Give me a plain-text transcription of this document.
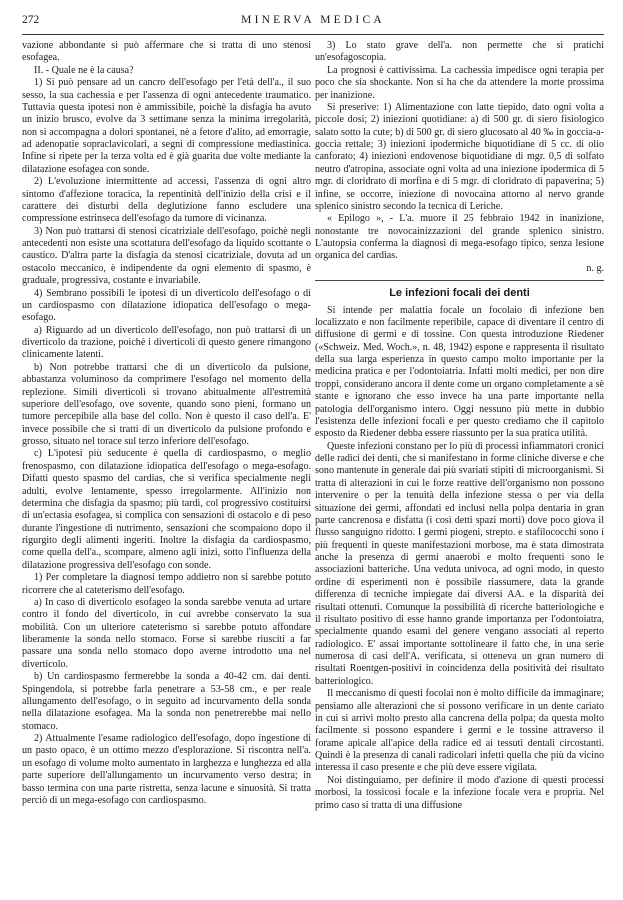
272	MINERVA MEDICA

vazione abbondante si può affermare che si tratta di uno stenosi esofagea.

II. - Quale ne è la causa?

1) Si può pensare ad un cancro dell'esofago per l'età dell'a., il suo sesso, la sua cachessia e per l'assenza di ogni antecedente traumatico. Tuttavia questa ipotesi non è ammissibile, poichè la disfagia ha avuto un inizio brusco, evolve da 3 settimane senza la minima irregolarità, non si accompagna a dolori spontanei, nè a fetore d'alito, ad emorragie, ad adenopatie sopraclavicolari, a segni di compressione mediastinica. Infine si ripete per la terza volta ed è già guarita due volte mediante la dilatazione esofagea con sonde.

2) L'evoluzione intermittente ad accessi, l'assenza di ogni altro sintomo d'affezione toracica, la repentinità dell'inizio della crisi e il carattere dei disturbi della deglutizione fanno escludere una compressione estrinseca dell'esofago da tumore di vicinanza.

3) Non può trattarsi di stenosi cicatriziale dell'esofago, poichè negli antecedenti non esiste una scottatura dell'esofago da liquido scottante o caustico. D'altra parte la disfagia da stenosi cicatriziale, dovuta ad un ostacolo meccanico, è indipendente da ogni elemento di spasmo, è graduale, progressiva, costante e invariabile.

4) Sembrano possibili le ipotesi di un diverticolo dell'esofago o di un cardiospasmo con dilatazione idiopatica dell'esofago o mega-esofago.

a) Riguardo ad un diverticolo dell'esofago, non può trattarsi di un diverticolo da trazione, poichè i diverticoli di questo genere rimangono clinicamente latenti.

b) Non potrebbe trattarsi che di un diverticolo da pulsione, abbastanza voluminoso da comprimere l'esofago nel momento della replezione. Simili diverticoli si trovano abitualmente all'estremità superiore dell'esofago, ove sovente, quando sono pieni, formano un tumore percepibile alla base del collo. Non è questo il caso dell'a. E' invece possibile che si tratti di un diverticolo da pulsione profondo e grosso, situato nel torace sul terzo inferiore dell'esofago.

c) L'ipotesi più seducente è quella di cardiospasmo, o meglio frenospasmo, con dilatazione idiopatica dell'esofago o mega-esofago. Difatti questo spasmo del cardias, che si verifica specialmente negli adulti, evolve lentamente, spesso irregolarmente. All'inizio non determina che disfagia da spasmo; più tardi, col progressivo costituirsi di un'ectasia esofagea, si complica con sensazioni di ostacolo e di peso durante l'ingestione di nutrimento, sensazioni che scompaiono dopo il rigurgito degli alimenti ingeriti. Inoltre la disfagia da cardiospasmo, come quella dell'a., scompare, almeno agli inizi, sotto l'influenza della dilatazione progressiva dell'esofago con sonde.

1) Per completare la diagnosi tempo addietro non si sarebbe potuto ricorrere che al cateterismo dell'esofago.

a) In caso di diverticolo esofageo la sonda sarebbe venuta ad urtare contro il fondo del diverticolo, in cui avrebbe conservato la sua mobilità. Con un ulteriore cateterismo si sarebbe potuto affondare liberamente la sonda nello stomaco. Forse si sarebbe riusciti a far passare una sonda nello stomaco dopo averne introdotto una nel diverticolo.

b) Un cardiospasmo fermerebbe la sonda a 40-42 cm. dai denti. Spingendola, si potrebbe farla penetrare a 53-58 cm., e per reale allungamento dell'esofago, o in seguito ad incurvamento della sonda nella dilatazione esofagea. Ma la sonda non penetrerebbe mai nello stomaco.

2) Attualmente l'esame radiologico dell'esofago, dopo ingestione di un pasto opaco, è un ottimo mezzo d'esplorazione. Si riscontra nell'a. un esofago di volume molto aumentato in larghezza e lunghezza ed alla parte superiore dell'allungamento un incurvamento verso destra; in basso termina con una parte ristretta, senza lacune e sinuosità. Si tratta perciò di un mega-esofago con cardiospasmo.

3) Lo stato grave dell'a. non permette che si pratichi un'esofagoscopia.

La prognosi è cattivissima. La cachessia impedisce ogni terapia per poco che sia shockante. Non si ha che da attendere la morte prossima per inanizione.

Si preserive: 1) Alimentazione con latte tiepido, dato ogni volta a piccole dosi; 2) iniezioni quotidiane: a) di 500 gr. di siero fisiologico salato sotto la cute; b) di 500 gr. di siero glucosato al 40 ‰ in goccia-a-goccia rettale; 3) iniezioni ipodermiche biquotidiane di 5 cc. di olio canforato; 4) iniezioni endovenose biquotidiane di mgr. 0,5 di solfato neutro d'atropina, associate ogni volta ad una iniezione ipodermica di 5 mgr. di cloridrato di morfina e di 5 mgr. di cloridrato di papaverina; 5) infine, se occorre, iniezione di novocaina attorno al nervo grande splenico sinistro secondo la tecnica di Leriche.

« Epilogo », - L'a. muore il 25 febbraio 1942 in inanizione, nonostante tre novocainizzazioni del grande splenico sinistro. L'autopsia conferma la diagnosi di mega-esofago tipico, senza lesione organica del cardias.

n. g.

Le infezioni focali dei denti

Si intende per malattia focale un focolaio di infezione ben localizzato e non facilmente reperibile, capace di diventare il centro di diffusione di germi e di tossine. Con questa introduzione Riedener («Schweiz. Med. Woch.», n. 48, 1942) espone e rappresenta il risultato della sua larga esperienza in questo campo molto importante per la medicina pratica e per l'odontoiatria. Infatti molti medici, per non dire troppi, considerano ancora il dente come un organo completamente a sè stante e ignorano che esso invece ha una parte importante nella patologia dell'organismo intero. Oggi nessuno più mette in dubbio l'esistenza delle infezioni focali e per questo crediamo che il capitolo esposto da Riedener debba essere riassunto per la sua pratica utilità.

Queste infezioni constano per lo più di processi infiammatori cronici delle radici dei denti, che si manifestano in forme cliniche diverse e che sono mantenute in generale dai più svariati stipiti di microorganismi. Si tratta di alterazioni in cui le forze reattive dell'organismo non possono intervenire o per la tenuità della infezione stessa o per via della situazione dei germi, affondati ed inclusi nella polpa dentaria in gran parte cancrenosa e disfatta (i così detti spazi morti) dove poco giova il flusso sanguigno ridotto. I germi piogeni, strepto. e stafilococchi sono i più frequenti in queste manifestazioni morbose, ma è stata dimostrata anche la presenza di germi anaerobi e molto frequenti sono le associazioni batteriche. Una veduta univoca, ad ogni modo, in questo ordine di esperimenti non è possibile riassumere, data la grande differenza di tecniche impiegate dai diversi AA. e la disparità dei risultati ottenuti. Comunque la possibilità di ricerche batteriologiche e il risultato positivo di esse hanno grande importanza per l'odontoiatra, specialmente quando esami del genere vengano associati al reperto radiologico. E' assai importante sottolineare il fatto che, in una serie numerosa di casi dell'A. verificata, si otteneva un gran numero di risultati Roentgen-positivi in coincidenza della positività dei risultato batteriologico.

Il meccanismo di questi focolai non è molto difficile da immaginare; pensiamo alle alterazioni che si possono verificare in un dente cariato in cui si arrivi molto presto alla cancrena della polpa; da questa molto facilmente si possono espandere i germi e le tossine attraverso il forame apicale all'apice della radice ed ai tessuti dentali circostanti. Quindi è la presenza di canali radicolari infetti quella che più da vicino interessa il caso presente e che più deve essere vigilata.

Noi distinguiamo, per definire il modo d'azione di questi processi morbosi, la tossicosi focale e la infezione focale vera e propria. Nel primo caso si tratta di una diffusione
